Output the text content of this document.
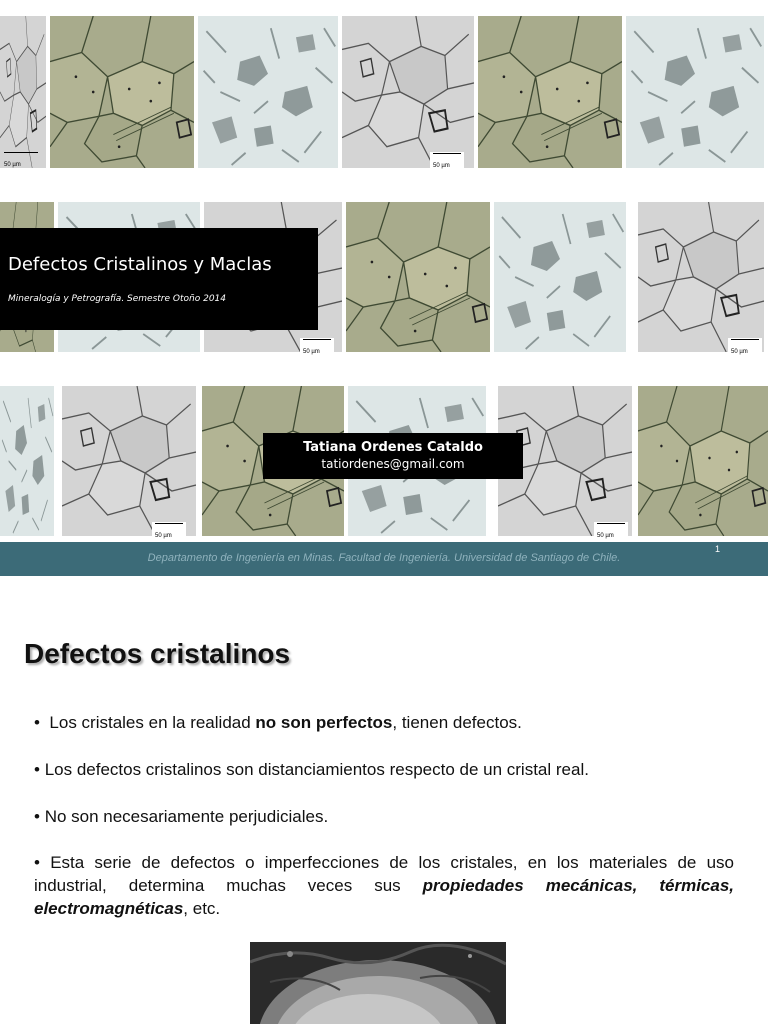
50 µm	50 µm
50 µm	50 µm
50 µm	50 µm
Defectos Cristalinos y Maclas
Mineralogía y Petrografía. Semestre Otoño 2014
Tatiana Ordenes Cataldo
tatiordenes@gmail.com
Departamento de Ingeniería en Minas. Facultad de Ingeniería. Universidad de Santiago de Chile.
1
Defectos cristalinos
•  Los cristales en la realidad no son perfectos, tienen defectos.
• Los defectos cristalinos son distanciamientos respecto de un cristal real.
• No son necesariamente perjudiciales.
• Esta serie de defectos o imperfecciones de los cristales, en los materiales de uso industrial, determina muchas veces sus propiedades mecánicas, térmicas, electromagnéticas, etc.
